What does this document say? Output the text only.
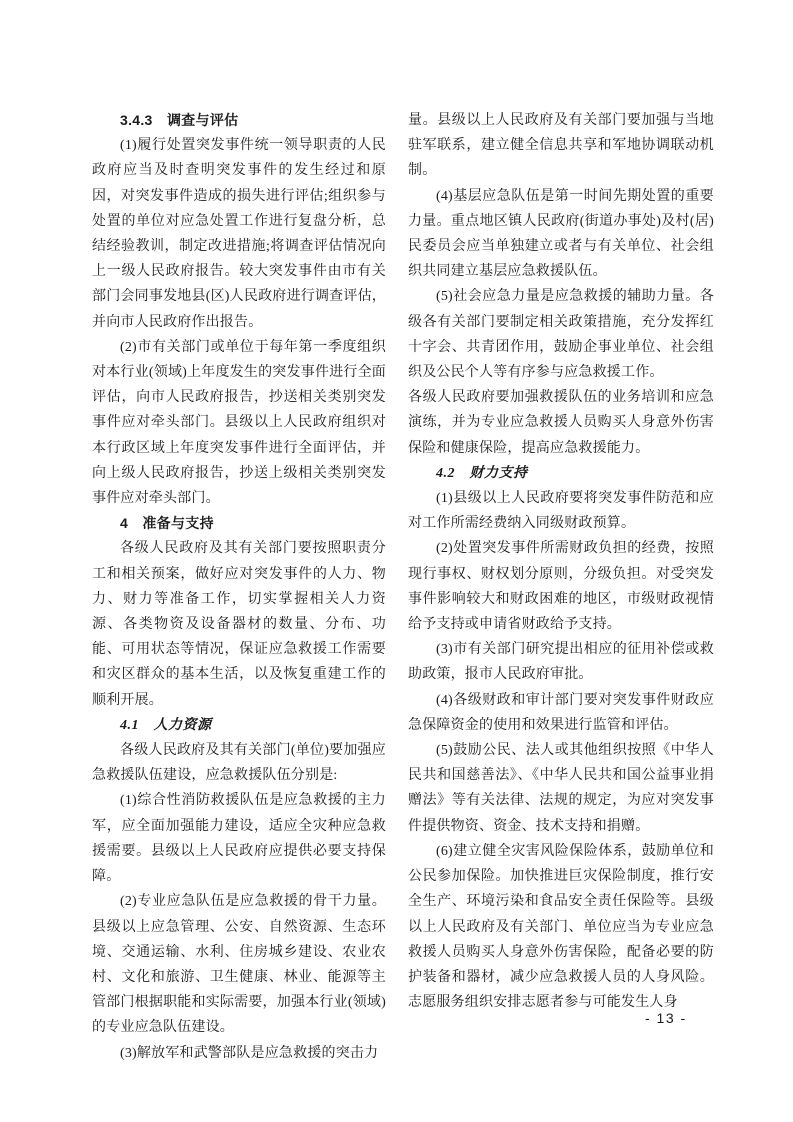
3.4.3　调查与评估
(1)履行处置突发事件统一领导职责的人民政府应当及时查明突发事件的发生经过和原因，对突发事件造成的损失进行评估;组织参与处置的单位对应急处置工作进行复盘分析，总结经验教训，制定改进措施;将调查评估情况向上一级人民政府报告。较大突发事件由市有关部门会同事发地县(区)人民政府进行调查评估，并向市人民政府作出报告。
(2)市有关部门或单位于每年第一季度组织对本行业(领域)上年度发生的突发事件进行全面评估，向市人民政府报告，抄送相关类别突发事件应对牵头部门。县级以上人民政府组织对本行政区域上年度突发事件进行全面评估，并向上级人民政府报告，抄送上级相关类别突发事件应对牵头部门。
4　准备与支持
各级人民政府及其有关部门要按照职责分工和相关预案，做好应对突发事件的人力、物力、财力等准备工作，切实掌握相关人力资源、各类物资及设备器材的数量、分布、功能、可用状态等情况，保证应急救援工作需要和灾区群众的基本生活，以及恢复重建工作的顺利开展。
4.1　人力资源
各级人民政府及其有关部门(单位)要加强应急救援队伍建设，应急救援队伍分别是:
(1)综合性消防救援队伍是应急救援的主力军，应全面加强能力建设，适应全灾种应急救援需要。县级以上人民政府应提供必要支持保障。
(2)专业应急队伍是应急救援的骨干力量。县级以上应急管理、公安、自然资源、生态环境、交通运输、水利、住房城乡建设、农业农村、文化和旅游、卫生健康、林业、能源等主管部门根据职能和实际需要，加强本行业(领域)的专业应急队伍建设。
(3)解放军和武警部队是应急救援的突击力
量。县级以上人民政府及有关部门要加强与当地驻军联系，建立健全信息共享和军地协调联动机制。
(4)基层应急队伍是第一时间先期处置的重要力量。重点地区镇人民政府(街道办事处)及村(居)民委员会应当单独建立或者与有关单位、社会组织共同建立基层应急救援队伍。
(5)社会应急力量是应急救援的辅助力量。各级各有关部门要制定相关政策措施，充分发挥红十字会、共青团作用，鼓励企事业单位、社会组织及公民个人等有序参与应急救援工作。
各级人民政府要加强救援队伍的业务培训和应急演练，并为专业应急救援人员购买人身意外伤害保险和健康保险，提高应急救援能力。
4.2　财力支持
(1)县级以上人民政府要将突发事件防范和应对工作所需经费纳入同级财政预算。
(2)处置突发事件所需财政负担的经费，按照现行事权、财权划分原则，分级负担。对受突发事件影响较大和财政困难的地区，市级财政视情给予支持或申请省财政给予支持。
(3)市有关部门研究提出相应的征用补偿或救助政策，报市人民政府审批。
(4)各级财政和审计部门要对突发事件财政应急保障资金的使用和效果进行监管和评估。
(5)鼓励公民、法人或其他组织按照《中华人民共和国慈善法》、《中华人民共和国公益事业捐赠法》等有关法律、法规的规定，为应对突发事件提供物资、资金、技术支持和捐赠。
(6)建立健全灾害风险保险体系，鼓励单位和公民参加保险。加快推进巨灾保险制度，推行安全生产、环境污染和食品安全责任保险等。县级以上人民政府及有关部门、单位应当为专业应急救援人员购买人身意外伤害保险，配备必要的防护装备和器材，减少应急救援人员的人身风险。志愿服务组织安排志愿者参与可能发生人身
- 13 -
